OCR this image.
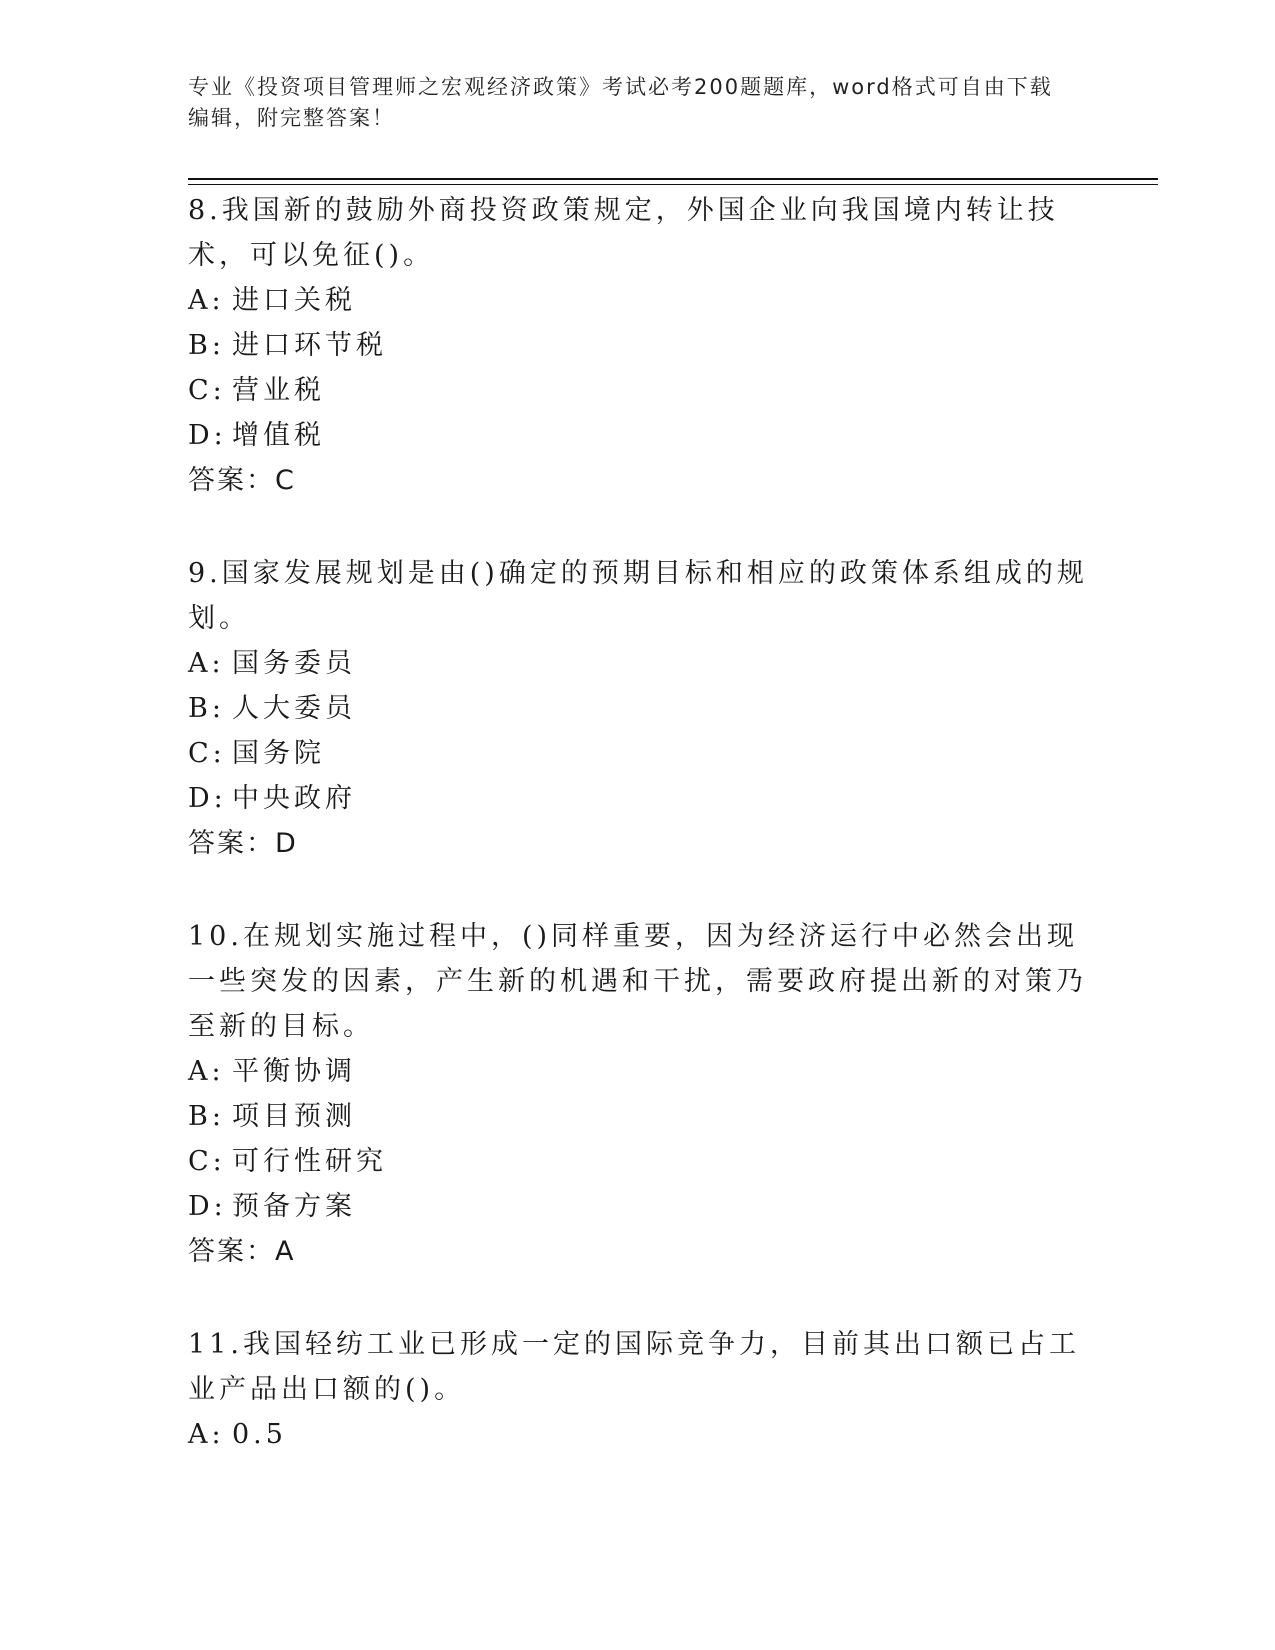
专业《投资项目管理师之宏观经济政策》考试必考200题题库，word格式可自由下载编辑，附完整答案！

8.我国新的鼓励外商投资政策规定，外国企业向我国境内转让技术，可以免征()。

A: 进口关税
B: 进口环节税
C: 营业税
D: 增值税

答案：C

9.国家发展规划是由()确定的预期目标和相应的政策体系组成的规划。

A: 国务委员
B: 人大委员
C: 国务院
D: 中央政府

答案：D

10.在规划实施过程中，()同样重要，因为经济运行中必然会出现一些突发的因素，产生新的机遇和干扰，需要政府提出新的对策乃至新的目标。

A: 平衡协调
B: 项目预测
C: 可行性研究
D: 预备方案

答案：A

11.我国轻纺工业已形成一定的国际竞争力，目前其出口额已占工业产品出口额的()。

A: 0.5
